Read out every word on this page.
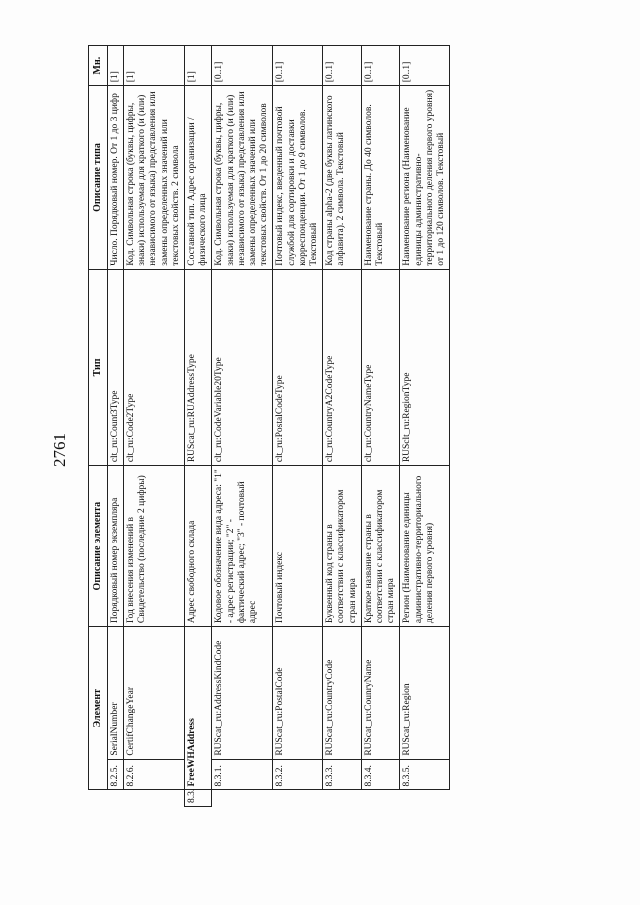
2761
	Элемент		Описание элемента	Тип	Описание типа	Мн.
	8.2.5.	SerialNumber	Порядковый номер экземпляра	clt_ru:Count3Type	Число. Порядковый номер. От 1 до 3 цифр	[1]
	8.2.6.	CertifChangeYear	Год внесения изменений в Свидетельство (последние 2 цифры)	clt_ru:Code2Type	Код. Символьная строка (буквы, цифры, знаки) используемая для краткого (и (или) независимого от языка) представления или замены определенных значений или текстовых свойств. 2 символа	[1]
8.3.	FreeWHAddress		Адрес свободного склада	RUScat_ru:RUAddressType	Составной тип. Адрес организации / физического лица	[1]
	8.3.1.	RUScat_ru:AddressKindCode	Кодовое обозначение вида адреса: "1" - адрес регистрации; "2" - фактический адрес; "3" - почтовый адрес	clt_ru:CodeVariable20Type	Код. Символьная строка (буквы, цифры, знаки) используемая для краткого (и (или) независимого от языка) представления или замены определенных значений или текстовых свойств. От 1 до 20 символов	[0..1]
	8.3.2.	RUScat_ru:PostalCode	Почтовый индекс	clt_ru:PostalCodeType	Почтовый индекс, введенный почтовой службой для сортировки и доставки корреспонденции. От 1 до 9 символов. Текстовый	[0..1]
	8.3.3.	RUScat_ru:CountryCode	Буквенный код страны в соответствии с классификатором стран мира	clt_ru:CountryA2CodeType	Код страны alpha-2 (две буквы латинского алфавита). 2 символа. Текстовый	[0..1]
	8.3.4.	RUScat_ru:CounryName	Краткое название страны в соответствии с классификатором стран мира	clt_ru:CountryNameType	Наименование страны. До 40 символов. Текстовый	[0..1]
	8.3.5.	RUScat_ru:Region	Регион (Наименование единицы административно-территориального деления первого уровня)	RUSclt_ru:RegionType	Наименование региона (Наименование единицы административно-территориального деления первого уровня) от 1 до 120 символов. Текстовый	[0..1]
